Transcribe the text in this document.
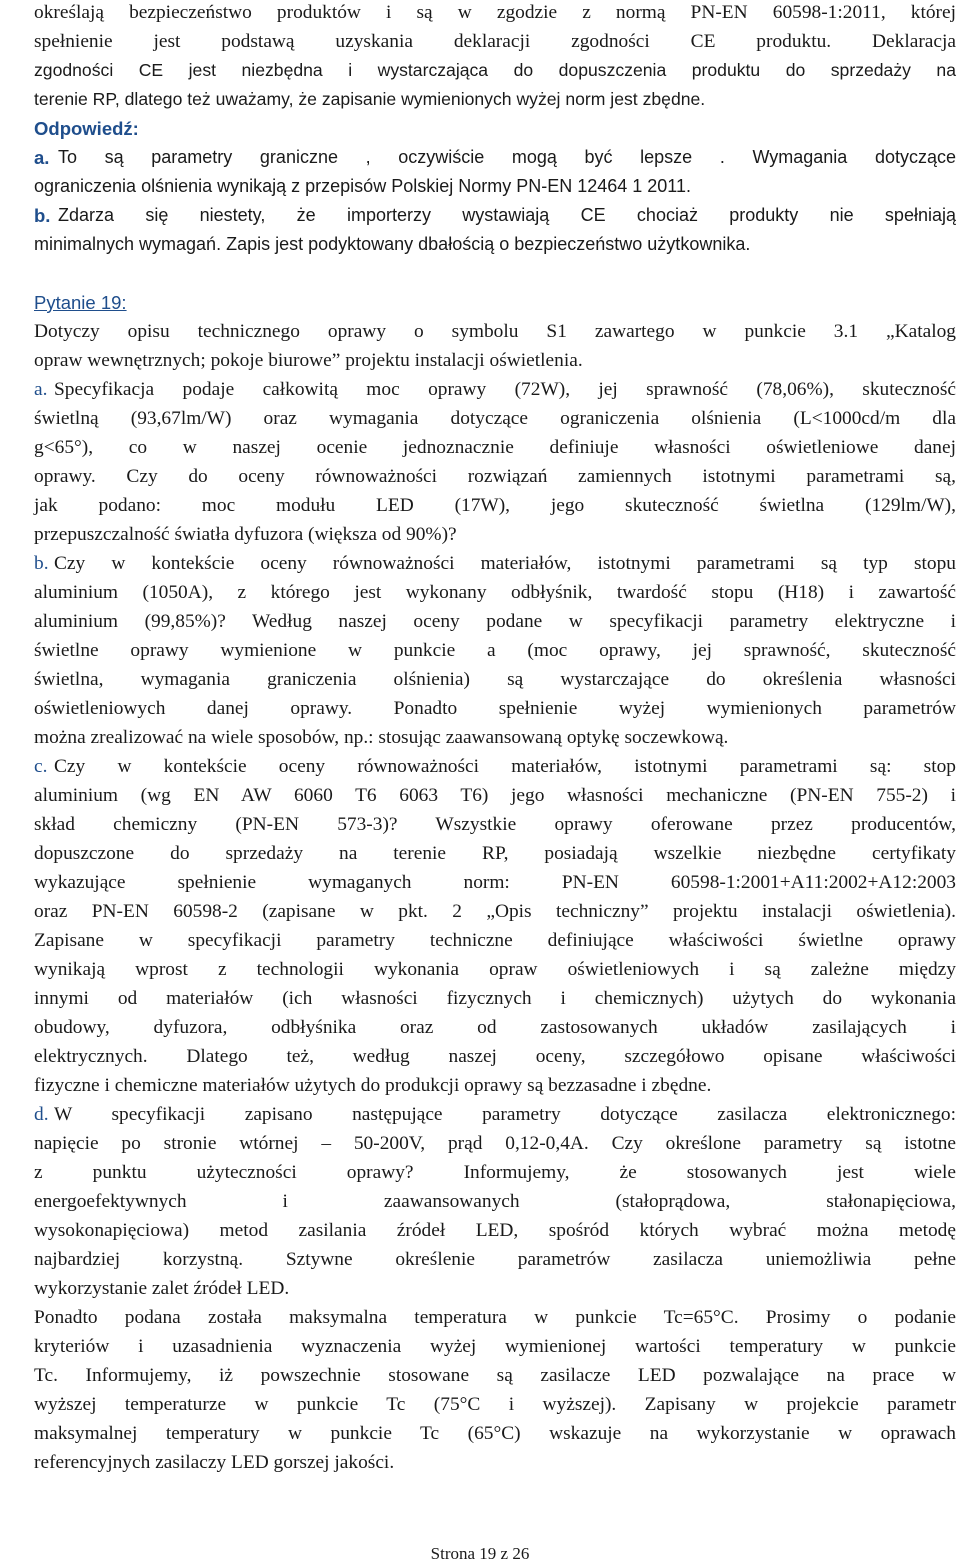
określają bezpieczeństwo produktów i są w zgodzie z normą PN-EN 60598-1:2011, której
spełnienie jest podstawą uzyskania deklaracji zgodności CE produktu. Deklaracja
zgodności CE jest niezbędna i wystarczająca do dopuszczenia produktu do sprzedaży na
terenie RP, dlatego też uważamy, że zapisanie wymienionych wyżej norm jest zbędne.
Odpowiedź:
a. To są parametry graniczne , oczywiście mogą być lepsze . Wymagania dotyczące
ograniczenia olśnienia wynikają z przepisów Polskiej Normy PN-EN 12464 1 2011.
b. Zdarza się niestety, że importerzy wystawiają CE chociaż produkty nie spełniają
minimalnych wymagań. Zapis jest podyktowany dbałością o bezpieczeństwo użytkownika.
Pytanie 19:
Dotyczy opisu technicznego oprawy o symbolu S1 zawartego w punkcie 3.1 „Katalog
opraw wewnętrznych; pokoje biurowe” projektu instalacji oświetlenia.
a. Specyfikacja podaje całkowitą moc oprawy (72W), jej sprawność (78,06%), skuteczność
świetlną (93,67lm/W) oraz wymagania dotyczące ograniczenia olśnienia (L<1000cd/m dla
g<65°), co w naszej ocenie jednoznacznie definiuje własności oświetleniowe danej
oprawy. Czy do oceny równoważności rozwiązań zamiennych istotnymi parametrami są,
jak podano: moc modułu LED (17W), jego skuteczność świetlna (129lm/W),
przepuszczalność światła dyfuzora (większa od 90%)?
b. Czy w kontekście oceny równoważności materiałów, istotnymi parametrami są typ stopu
aluminium (1050A), z którego jest wykonany odbłyśnik, twardość stopu (H18) i zawartość
aluminium (99,85%)? Według naszej oceny podane w specyfikacji parametry elektryczne i
świetlne oprawy wymienione w punkcie a (moc oprawy, jej sprawność, skuteczność
świetlna, wymagania graniczenia olśnienia) są wystarczające do określenia własności
oświetleniowych danej oprawy. Ponadto spełnienie wyżej wymienionych parametrów
można zrealizować na wiele sposobów, np.: stosując zaawansowaną optykę soczewkową.
c. Czy w kontekście oceny równoważności materiałów, istotnymi parametrami są: stop
aluminium (wg EN AW 6060 T6 6063 T6) jego własności mechaniczne (PN-EN 755-2) i
skład chemiczny (PN-EN 573-3)? Wszystkie oprawy oferowane przez producentów,
dopuszczone do sprzedaży na terenie RP, posiadają wszelkie niezbędne certyfikaty
wykazujące spełnienie wymaganych norm: PN-EN 60598-1:2001+A11:2002+A12:2003
oraz PN-EN 60598-2 (zapisane w pkt. 2 „Opis techniczny” projektu instalacji oświetlenia).
Zapisane w specyfikacji parametry techniczne definiujące właściwości świetlne oprawy
wynikają wprost z technologii wykonania opraw oświetleniowych i są zależne między
innymi od materiałów (ich własności fizycznych i chemicznych) użytych do wykonania
obudowy, dyfuzora, odbłyśnika oraz od zastosowanych układów zasilających i
elektrycznych. Dlatego też, według naszej oceny, szczegółowo opisane właściwości
fizyczne i chemiczne materiałów użytych do produkcji oprawy są bezzasadne i zbędne.
d. W specyfikacji zapisano następujące parametry dotyczące zasilacza elektronicznego:
napięcie po stronie wtórnej – 50-200V, prąd 0,12-0,4A. Czy określone parametry są istotne
z punktu użyteczności oprawy? Informujemy, że stosowanych jest wiele
energoefektywnych i zaawansowanych (stałoprądowa, stałonapięciowa,
wysokonapięciowa) metod zasilania źródeł LED, spośród których wybrać można metodę
najbardziej korzystną. Sztywne określenie parametrów zasilacza uniemożliwia pełne
wykorzystanie zalet źródeł LED.
Ponadto podana została maksymalna temperatura w punkcie Tc=65°C. Prosimy o podanie
kryteriów i uzasadnienia wyznaczenia wyżej wymienionej wartości temperatury w punkcie
Tc. Informujemy, iż powszechnie stosowane są zasilacze LED pozwalające na prace w
wyższej temperaturze w punkcie Tc (75°C i wyższej). Zapisany w projekcie parametr
maksymalnej temperatury w punkcie Tc (65°C) wskazuje na wykorzystanie w oprawach
referencyjnych zasilaczy LED gorszej jakości.
Strona 19 z 26
